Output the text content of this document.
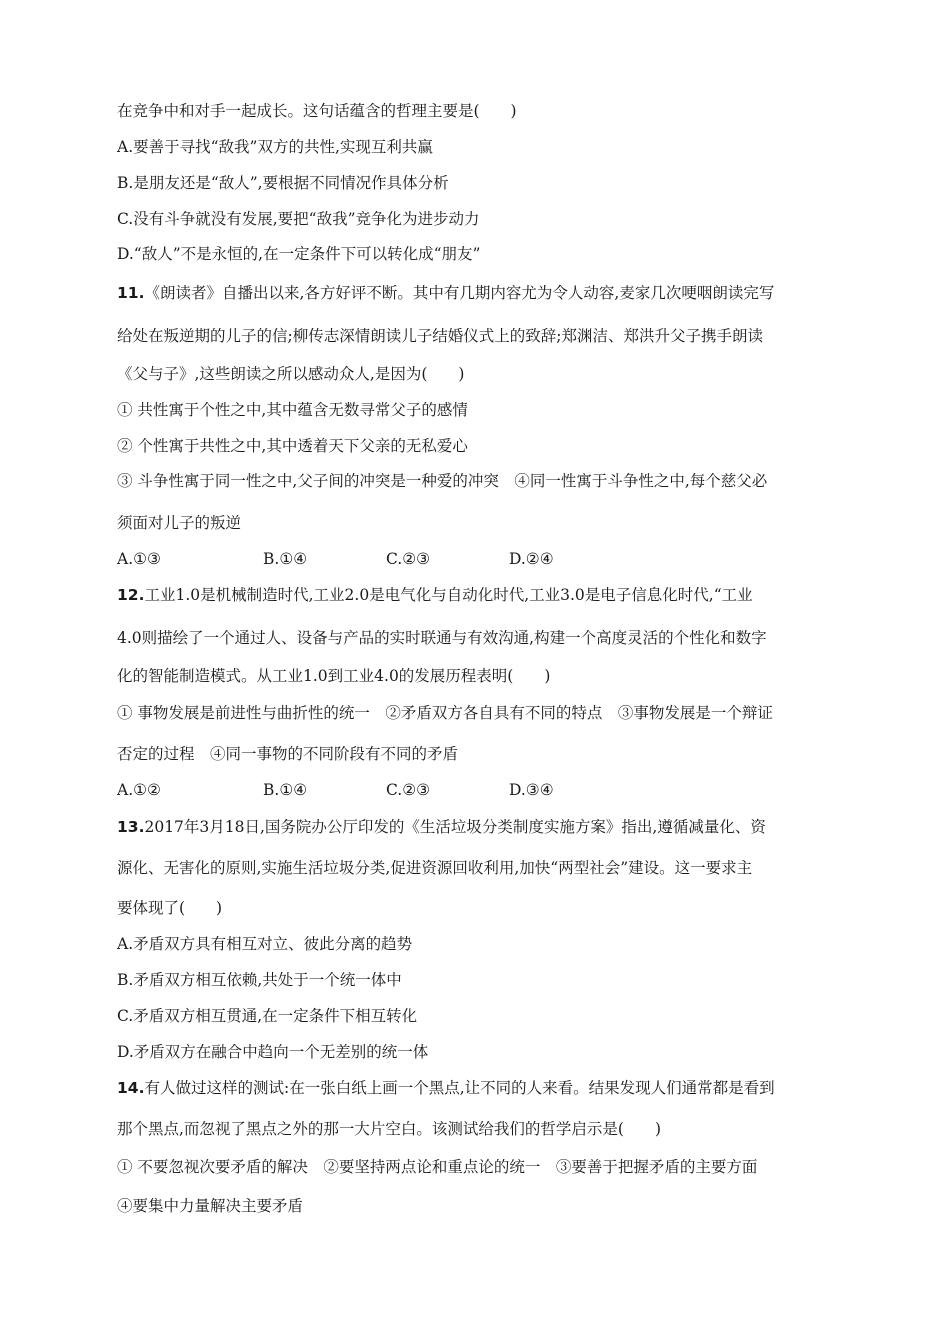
在竞争中和对手一起成长。这句话蕴含的哲理主要是(　　)
A.要善于寻找“敌我”双方的共性,实现互利共赢
B.是朋友还是“敌人”,要根据不同情况作具体分析
C.没有斗争就没有发展,要把“敌我”竞争化为进步动力
D.“敌人”不是永恒的,在一定条件下可以转化成“朋友”
11.《朗读者》自播出以来,各方好评不断。其中有几期内容尤为令人动容,麦家几次哽咽朗读完写
给处在叛逆期的儿子的信;柳传志深情朗读儿子结婚仪式上的致辞;郑渊洁、郑洪升父子携手朗读
《父与子》,这些朗读之所以感动众人,是因为(　　)
① 共性寓于个性之中,其中蕴含无数寻常父子的感情
② 个性寓于共性之中,其中透着天下父亲的无私爱心
③ 斗争性寓于同一性之中,父子间的冲突是一种爱的冲突　④同一性寓于斗争性之中,每个慈父必
须面对儿子的叛逆
A.①③	B.①④	C.②③	D.②④
12.工业1.0是机械制造时代,工业2.0是电气化与自动化时代,工业3.0是电子信息化时代,“工业
4.0则描绘了一个通过人、设备与产品的实时联通与有效沟通,构建一个高度灵活的个性化和数字
化的智能制造模式。从工业1.0到工业4.0的发展历程表明(　　)
① 事物发展是前进性与曲折性的统一　②矛盾双方各自具有不同的特点　③事物发展是一个辩证
否定的过程　④同一事物的不同阶段有不同的矛盾
A.①②	B.①④	C.②③	D.③④
13.2017年3月18日,国务院办公厅印发的《生活垃圾分类制度实施方案》指出,遵循减量化、资
源化、无害化的原则,实施生活垃圾分类,促进资源回收利用,加快“两型社会”建设。这一要求主
要体现了(　　)
A.矛盾双方具有相互对立、彼此分离的趋势
B.矛盾双方相互依赖,共处于一个统一体中
C.矛盾双方相互贯通,在一定条件下相互转化
D.矛盾双方在融合中趋向一个无差别的统一体
14.有人做过这样的测试:在一张白纸上画一个黑点,让不同的人来看。结果发现人们通常都是看到
那个黑点,而忽视了黑点之外的那一大片空白。该测试给我们的哲学启示是(　　)
① 不要忽视次要矛盾的解决　②要坚持两点论和重点论的统一　③要善于把握矛盾的主要方面
④要集中力量解决主要矛盾
